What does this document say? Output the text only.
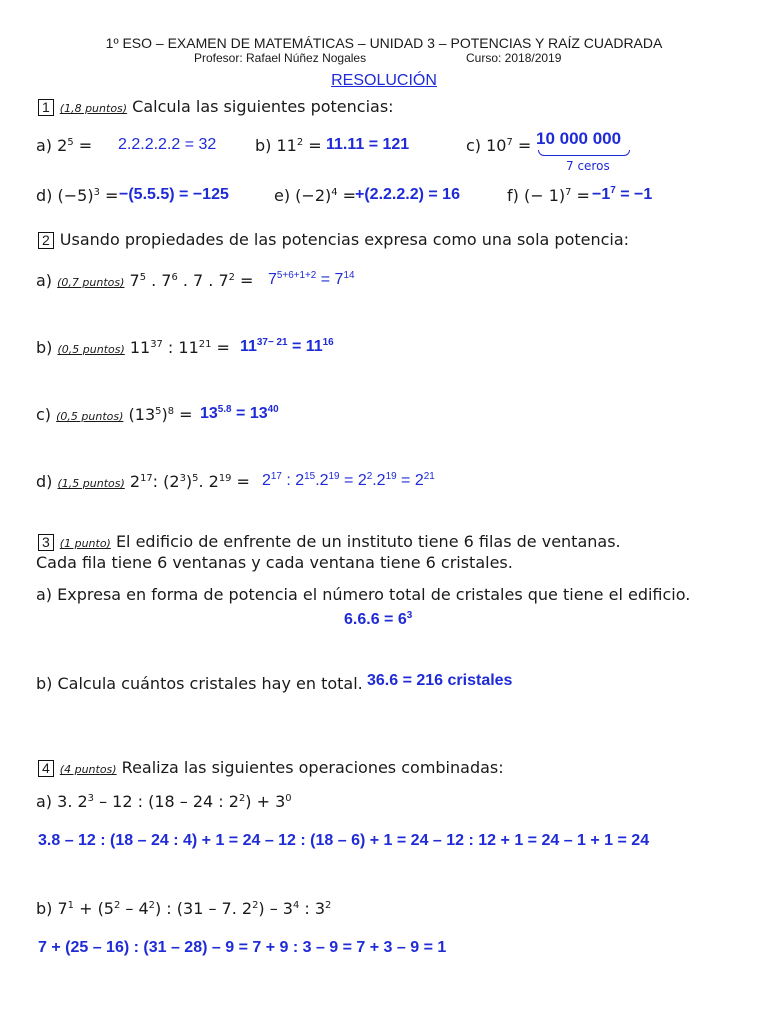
1º ESO – EXAMEN DE MATEMÁTICAS – UNIDAD 3 – POTENCIAS Y RAÍZ CUADRADA
Profesor: Rafael Núñez Nogales	Curso: 2018/2019
RESOLUCIÓN
1 (1,8 puntos) Calcula las siguientes potencias:
a) $2^5 = 2.2.2.2.2 = 32$ b) $11^2 = 11.11 = 121$	c) $10^7 = 10$ 000 000
7 ceros
d) $(-5)^3 = -(5.5.5) = -125$	e) $(-2)^4$ =
+(2.2.2.2) = 16	f) (− $1)^7 = -1^7 = -1$
2 Usando propiedades de las potencias expresa como una sola potencia:
a) (0,7 puntos) $7^5$ . $7^6$ . 7 . $7^2 = 7^{5+6+1+2} = 7^{14}$
b) (0,5 puntos) $11^{37}$ : $11^{21} = 11^{37- 21} = 11^{16}$
c) (0,5 puntos) $(13^5)^8 = 13^{5.8} = 13^{40}$
d) (1,5 puntos) $2^{17}$: $(2^3)^5$. $2^{19} = 2^{17}$ : $2^{15}.2^{19} = 2^2.2^{19} = 2^{21}$
3 (1 punto) El edificio de enfrente de un instituto tiene 6 filas de ventanas.
Cada fila tiene 6 ventanas y cada ventana tiene 6 cristales.
a) Expresa en forma de potencia el número total de cristales que tiene el edificio.
$6.6.6 = 6^3$
b) Calcula cuántos cristales hay en total. 36.6 = 216 cristales
4 (4 puntos) Realiza las siguientes operaciones combinadas:
a) 3. $2^3 - 12$ : (18 – 24 : $2^2) + 3^0$
3.8 – 12 : (18 – 24 : 4) + 1 = 24 – 12 : (18 – 6) + 1 = 24 – 12 : 12 + 1 = 24 – 1 + 1 = 24
b) $7^1 + (5^2 - 4^2)$ : (31 – 7. $2^2) - 3^4$ : $3^2$
7 + (25 – 16) : (31 – 28) – 9 = 7 + 9 : 3 – 9 = 7 + 3 – 9 = 1
